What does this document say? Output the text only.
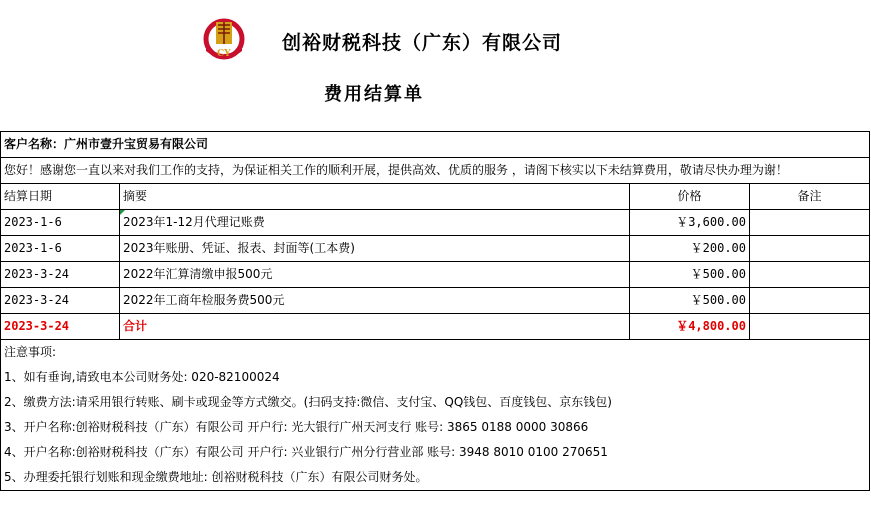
CY	创裕财税科技（广东）有限公司
费用结算单
客户名称：广州市壹升宝贸易有限公司			
您好！感谢您一直以来对我们工作的支持，为保证相关工作的顺利开展，提供高效、优质的服务 ，请阁下核实以下未结算费用，敬请尽快办理为谢！			
结算日期	摘要	价格	备注
2023-1-6	2023年1-12月代理记账费	￥3,600.00	
2023-1-6	2023年账册、凭证、报表、封面等(工本费)	￥200.00	
2023-3-24	2022年汇算清缴申报500元	￥500.00	
2023-3-24	2022年工商年检服务费500元	￥500.00	
2023-3-24	合计	￥4,800.00	
注意事项:			
1、如有垂询,请致电本公司财务处: 020-82100024			
2、缴费方法:请采用银行转账、刷卡或现金等方式缴交。(扫码支持:微信、支付宝、QQ钱包、百度钱包、京东钱包)			
3、开户名称:创裕财税科技（广东）有限公司 开户行: 光大银行广州天河支行 账号: 3865 0188 0000 30866			
4、开户名称:创裕财税科技（广东）有限公司 开户行: 兴业银行广州分行营业部 账号: 3948 8010 0100 270651			
5、办理委托银行划账和现金缴费地址: 创裕财税科技（广东）有限公司财务处。			
